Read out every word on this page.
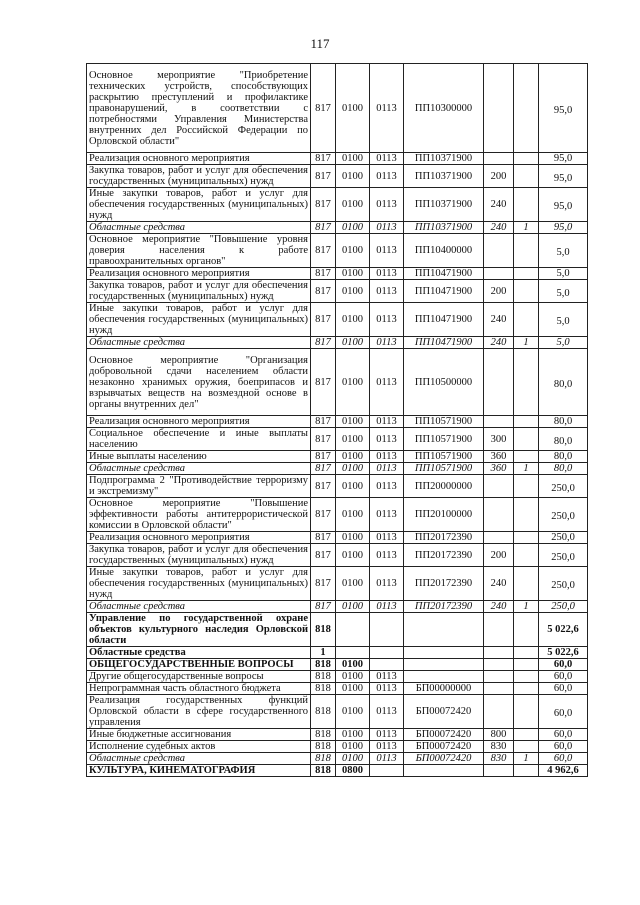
117
Основное мероприятие "Приобретение технических устройств, способствующих раскрытию преступлений и профилактике правонарушений, в соответствии с потребностями Управления Министерства внутренних дел Российской Федерации по Орловской области"	817	0100	0113	ПП10300000			95,0
Реализация основного мероприятия	817	0100	0113	ПП10371900			95,0
Закупка товаров, работ и услуг для обеспечения государственных (муниципальных) нужд	817	0100	0113	ПП10371900	200		95,0
Иные закупки товаров, работ и услуг для обеспечения государственных (муниципальных) нужд	817	0100	0113	ПП10371900	240		95,0
Областные средства	817	0100	0113	ПП10371900	240	1	95,0
Основное мероприятие "Повышение уровня доверия населения к работе правоохранительных органов"	817	0100	0113	ПП10400000			5,0
Реализация основного мероприятия	817	0100	0113	ПП10471900			5,0
Закупка товаров, работ и услуг для обеспечения государственных (муниципальных) нужд	817	0100	0113	ПП10471900	200		5,0
Иные закупки товаров, работ и услуг для обеспечения государственных (муниципальных) нужд	817	0100	0113	ПП10471900	240		5,0
Областные средства	817	0100	0113	ПП10471900	240	1	5,0
Основное мероприятие "Организация добровольной сдачи населением области незаконно хранимых оружия, боеприпасов и взрывчатых веществ на возмездной основе в органы внутренних дел"	817	0100	0113	ПП10500000			80,0
Реализация основного мероприятия	817	0100	0113	ПП10571900			80,0
Социальное обеспечение и иные выплаты населению	817	0100	0113	ПП10571900	300		80,0
Иные выплаты населению	817	0100	0113	ПП10571900	360		80,0
Областные средства	817	0100	0113	ПП10571900	360	1	80,0
Подпрограмма 2 "Противодействие терроризму и экстремизму"	817	0100	0113	ПП20000000			250,0
Основное мероприятие "Повышение эффективности работы антитеррористической комиссии в Орловской области"	817	0100	0113	ПП20100000			250,0
Реализация основного мероприятия	817	0100	0113	ПП20172390			250,0
Закупка товаров, работ и услуг для обеспечения государственных (муниципальных) нужд	817	0100	0113	ПП20172390	200		250,0
Иные закупки товаров, работ и услуг для обеспечения государственных (муниципальных) нужд	817	0100	0113	ПП20172390	240		250,0
Областные средства	817	0100	0113	ПП20172390	240	1	250,0
Управление по государственной охране объектов культурного наследия Орловской области	818						5 022,6
Областные средства	1						5 022,6
ОБЩЕГОСУДАРСТВЕННЫЕ ВОПРОСЫ	818	0100					60,0
Другие общегосударственные вопросы	818	0100	0113				60,0
Непрограммная часть областного бюджета	818	0100	0113	БП00000000			60,0
Реализация государственных функций Орловской области в сфере государственного управления	818	0100	0113	БП00072420			60,0
Иные бюджетные ассигнования	818	0100	0113	БП00072420	800		60,0
Исполнение судебных актов	818	0100	0113	БП00072420	830		60,0
Областные средства	818	0100	0113	БП00072420	830	1	60,0
КУЛЬТУРА, КИНЕМАТОГРАФИЯ	818	0800					4 962,6
